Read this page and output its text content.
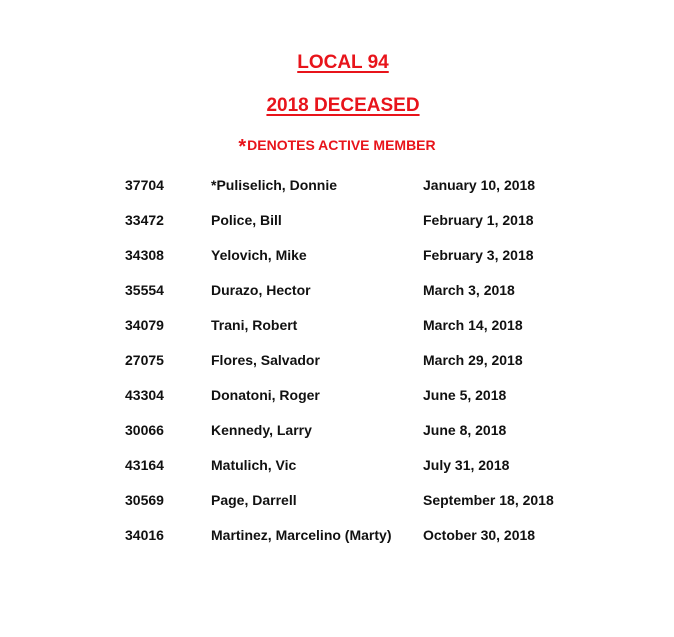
LOCAL 94
2018 DECEASED
*DENOTES ACTIVE MEMBER
37704	*Puliselich, Donnie	January 10, 2018
33472	Police, Bill	February 1, 2018
34308	Yelovich, Mike	February 3, 2018
35554	Durazo, Hector	March 3, 2018
34079	Trani, Robert	March 14, 2018
27075	Flores, Salvador	March 29, 2018
43304	Donatoni, Roger	June 5, 2018
30066	Kennedy, Larry	June 8, 2018
43164	Matulich, Vic	July 31, 2018
30569	Page, Darrell	September 18, 2018
34016	Martinez, Marcelino (Marty) October 30, 2018
